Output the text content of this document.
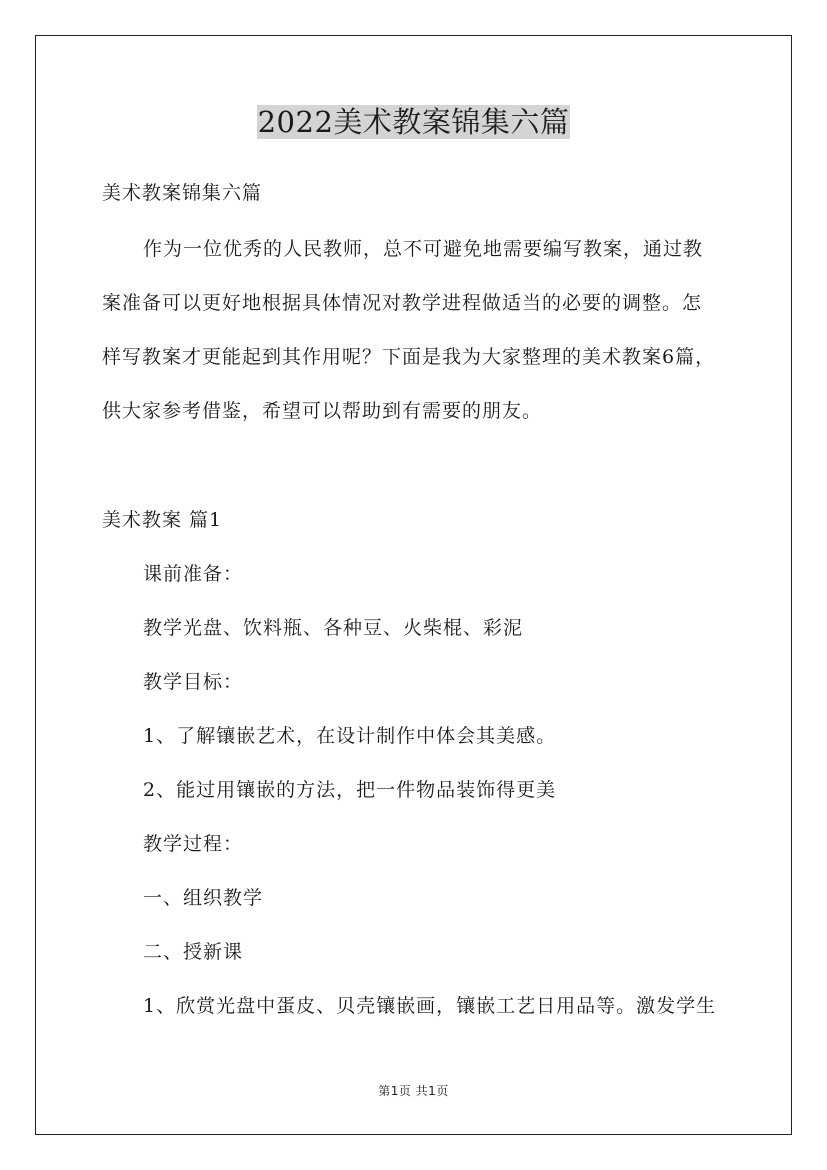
2022美术教案锦集六篇
美术教案锦集六篇
作为一位优秀的人民教师，总不可避免地需要编写教案，通过教
案准备可以更好地根据具体情况对教学进程做适当的必要的调整。怎
样写教案才更能起到其作用呢？下面是我为大家整理的美术教案6篇，
供大家参考借鉴，希望可以帮助到有需要的朋友。
美术教案 篇1
课前准备：
教学光盘、饮料瓶、各种豆、火柴棍、彩泥
教学目标：
1、了解镶嵌艺术，在设计制作中体会其美感。
2、能过用镶嵌的方法，把一件物品装饰得更美
教学过程：
一、组织教学
二、授新课
1、欣赏光盘中蛋皮、贝壳镶嵌画，镶嵌工艺日用品等。激发学生
第1页 共1页
